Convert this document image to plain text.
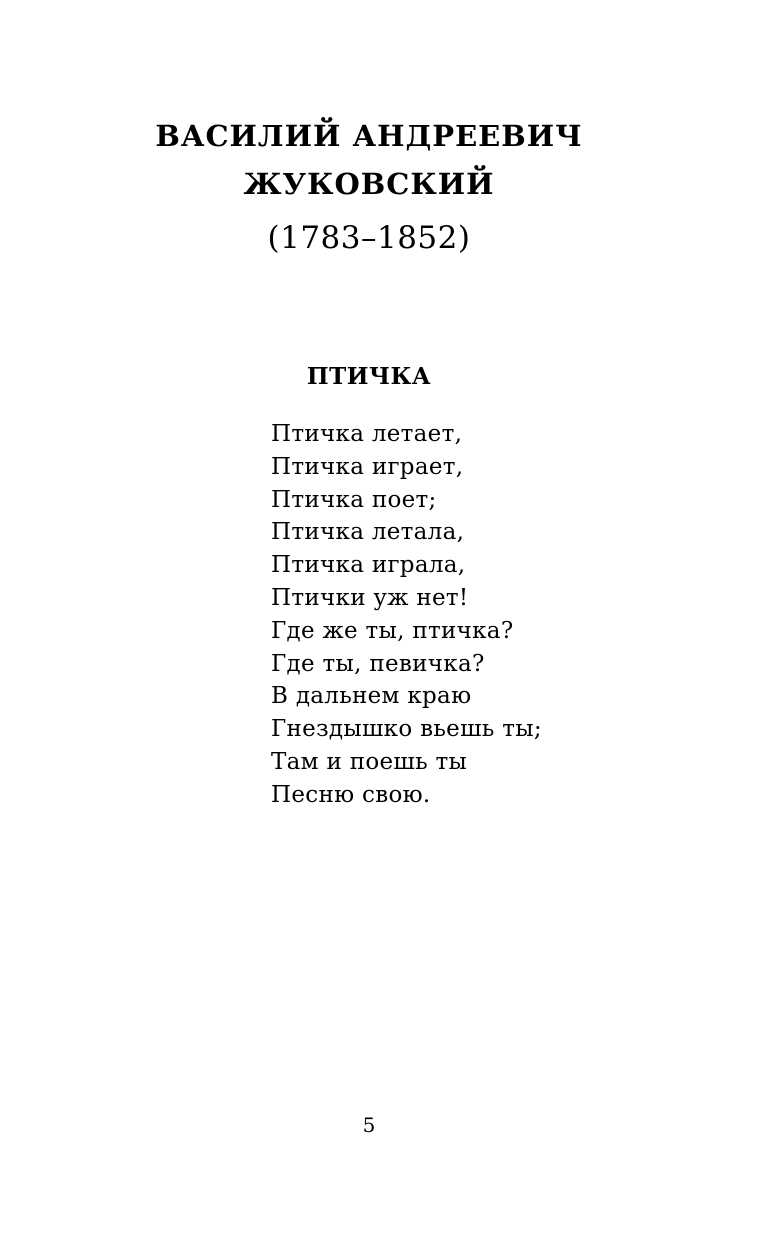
ВАСИЛИЙ АНДРЕЕВИЧ
ЖУКОВСКИЙ
(1783–1852)
ПТИЧКА
Птичка летает,
Птичка играет,
Птичка поет;
Птичка летала,
Птичка играла,
Птички уж нет!
Где же ты, птичка?
Где ты, певичка?
В дальнем краю
Гнездышко вьешь ты;
Там и поешь ты
Песню свою.
5
